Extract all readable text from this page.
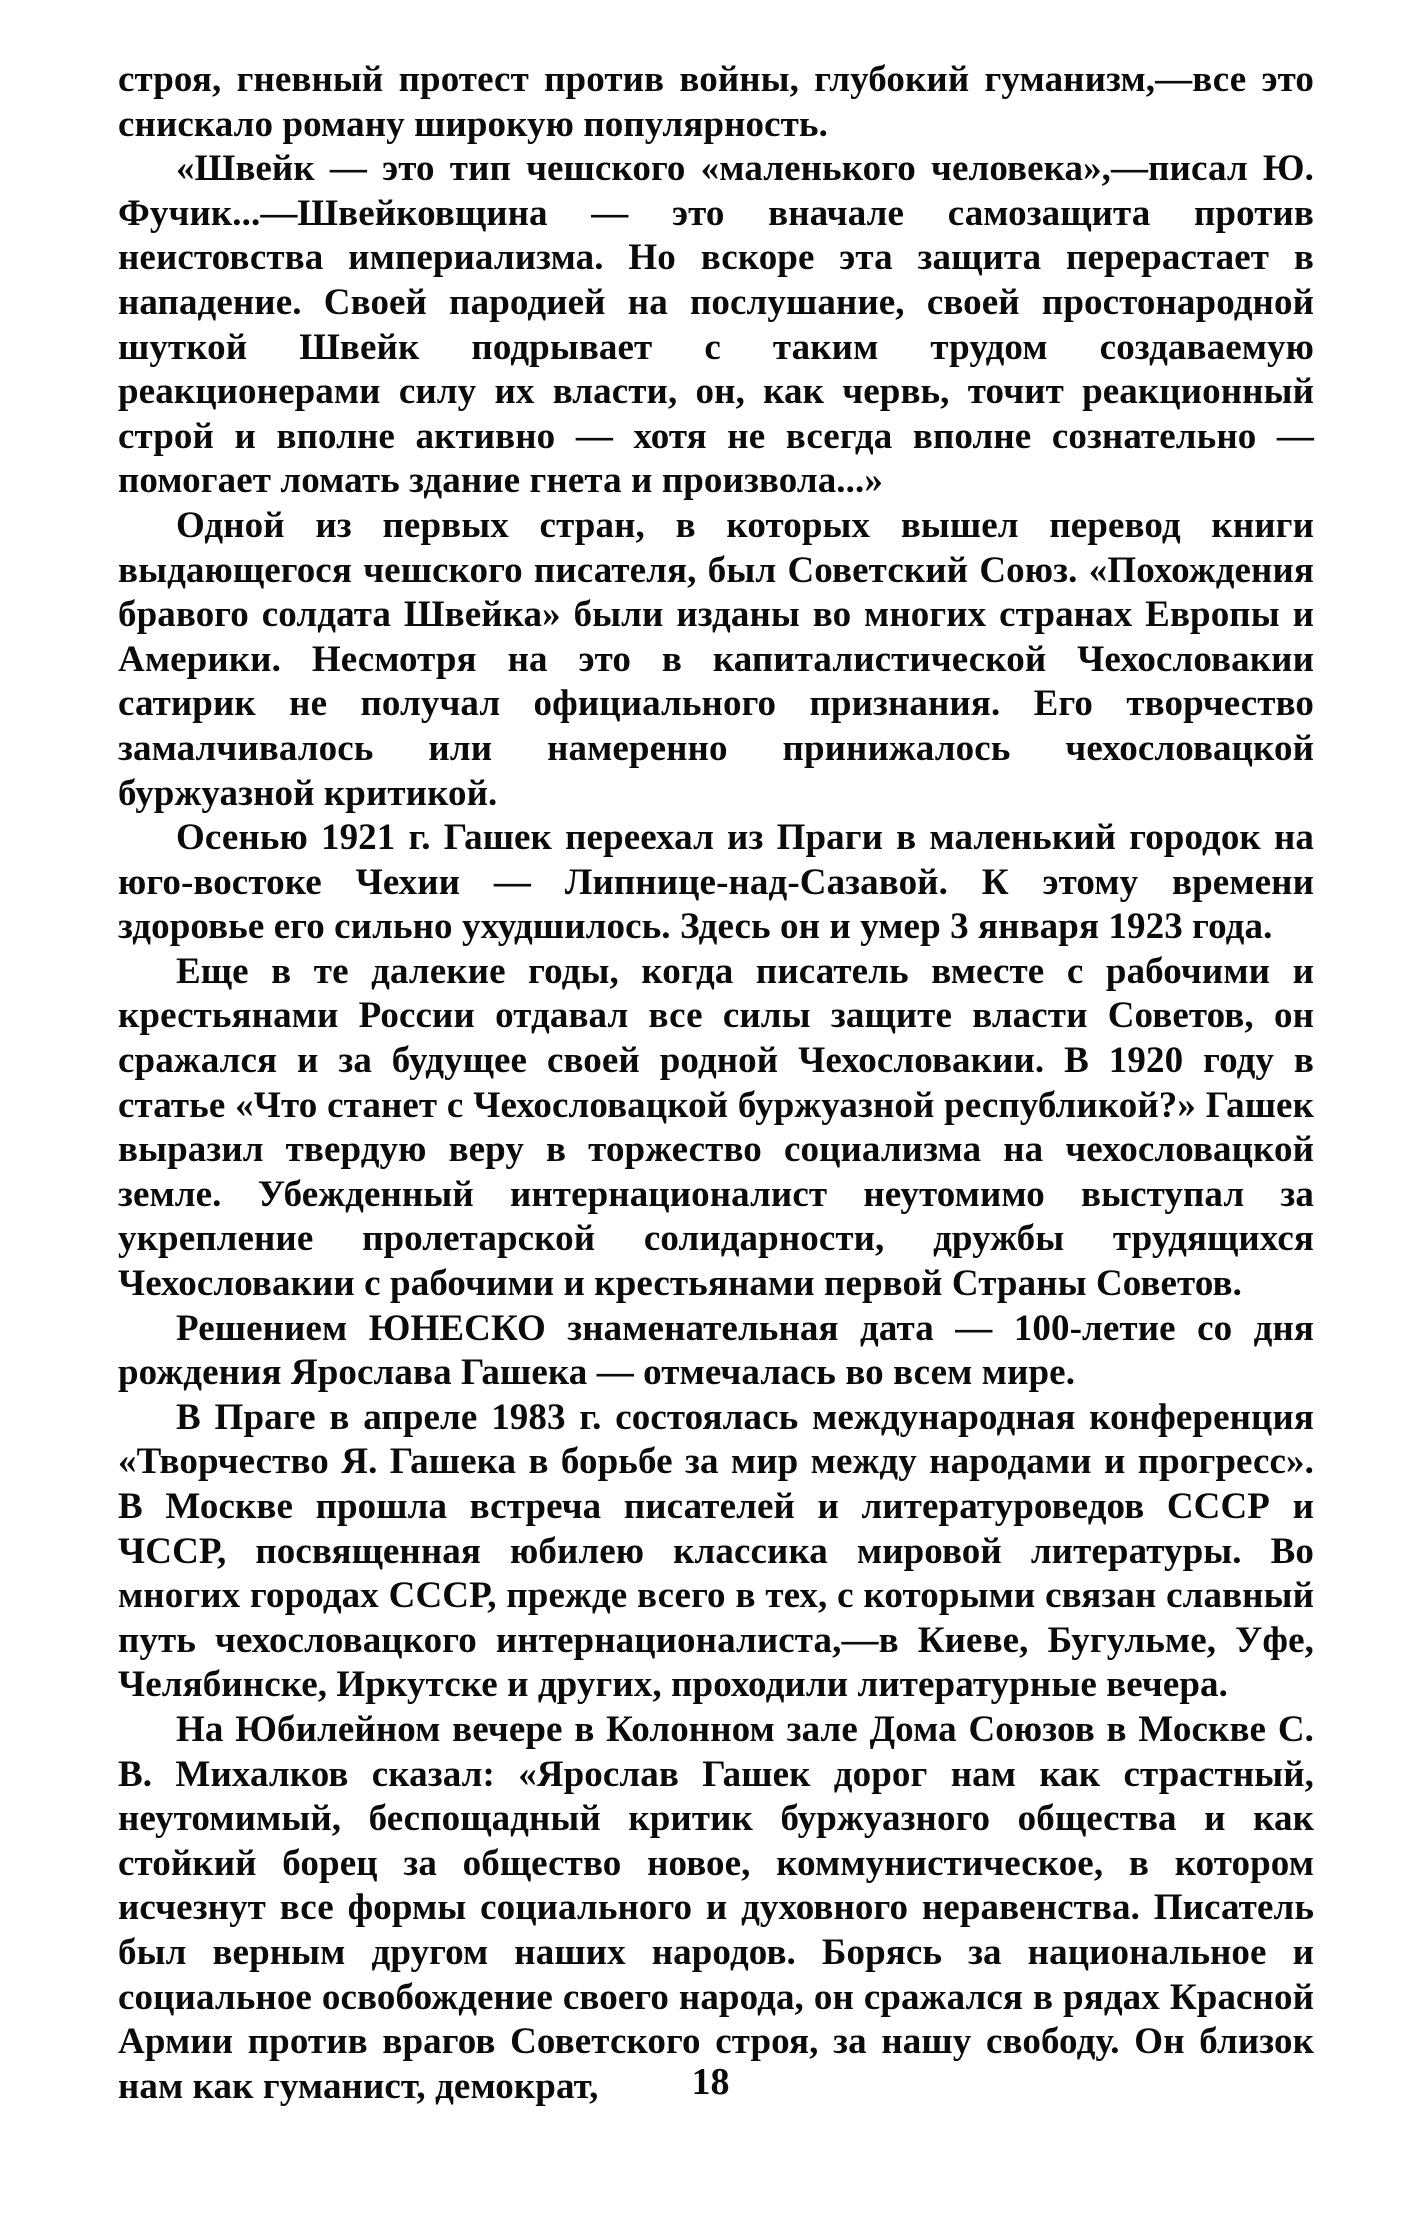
строя, гневный протест против войны, глубокий гуманизм,—все это снискало роману широкую популярность.

«Швейк — это тип чешского «маленького человека»,—писал Ю. Фучик...—Швейковщина — это вначале самозащита против неистовства империализма. Но вскоре эта защита перерастает в нападение. Своей пародией на послушание, своей простонародной шуткой Швейк подрывает с таким трудом создаваемую реакционерами силу их власти, он, как червь, точит реакционный строй и вполне активно — хотя не всегда вполне сознательно — помогает ломать здание гнета и произвола...»

Одной из первых стран, в которых вышел перевод книги выдающегося чешского писателя, был Советский Союз. «Похождения бравого солдата Швейка» были изданы во многих странах Европы и Америки. Несмотря на это в капиталистической Чехословакии сатирик не получал официального признания. Его творчество замалчивалось или намеренно принижалось чехословацкой буржуазной критикой.

Осенью 1921 г. Гашек переехал из Праги в маленький городок на юго-востоке Чехии — Липнице-над-Сазавой. К этому времени здоровье его сильно ухудшилось. Здесь он и умер 3 января 1923 года.

Еще в те далекие годы, когда писатель вместе с рабочими и крестьянами России отдавал все силы защите власти Советов, он сражался и за будущее своей родной Чехословакии. В 1920 году в статье «Что станет с Чехословацкой буржуазной республикой?» Гашек выразил твердую веру в торжество социализма на чехословацкой земле. Убежденный интернационалист неутомимо выступал за укрепление пролетарской солидарности, дружбы трудящихся Чехословакии с рабочими и крестьянами первой Страны Советов.

Решением ЮНЕСКО знаменательная дата — 100-летие со дня рождения Ярослава Гашека — отмечалась во всем мире.

В Праге в апреле 1983 г. состоялась международная конференция «Творчество Я. Гашека в борьбе за мир между народами и прогресс». В Москве прошла встреча писателей и литературоведов СССР и ЧССР, посвященная юбилею классика мировой литературы. Во многих городах СССР, прежде всего в тех, с которыми связан славный путь чехословацкого интернационалиста,—в Киеве, Бугульме, Уфе, Челябинске, Иркутске и других, проходили литературные вечера.

На Юбилейном вечере в Колонном зале Дома Союзов в Москве С. В. Михалков сказал: «Ярослав Гашек дорог нам как страстный, неутомимый, беспощадный критик буржуазного общества и как стойкий борец за общество новое, коммунистическое, в котором исчезнут все формы социального и духовного неравенства. Писатель был верным другом наших народов. Борясь за национальное и социальное освобождение своего народа, он сражался в рядах Красной Армии против врагов Советского строя, за нашу свободу. Он близок нам как гуманист, демократ,	18
